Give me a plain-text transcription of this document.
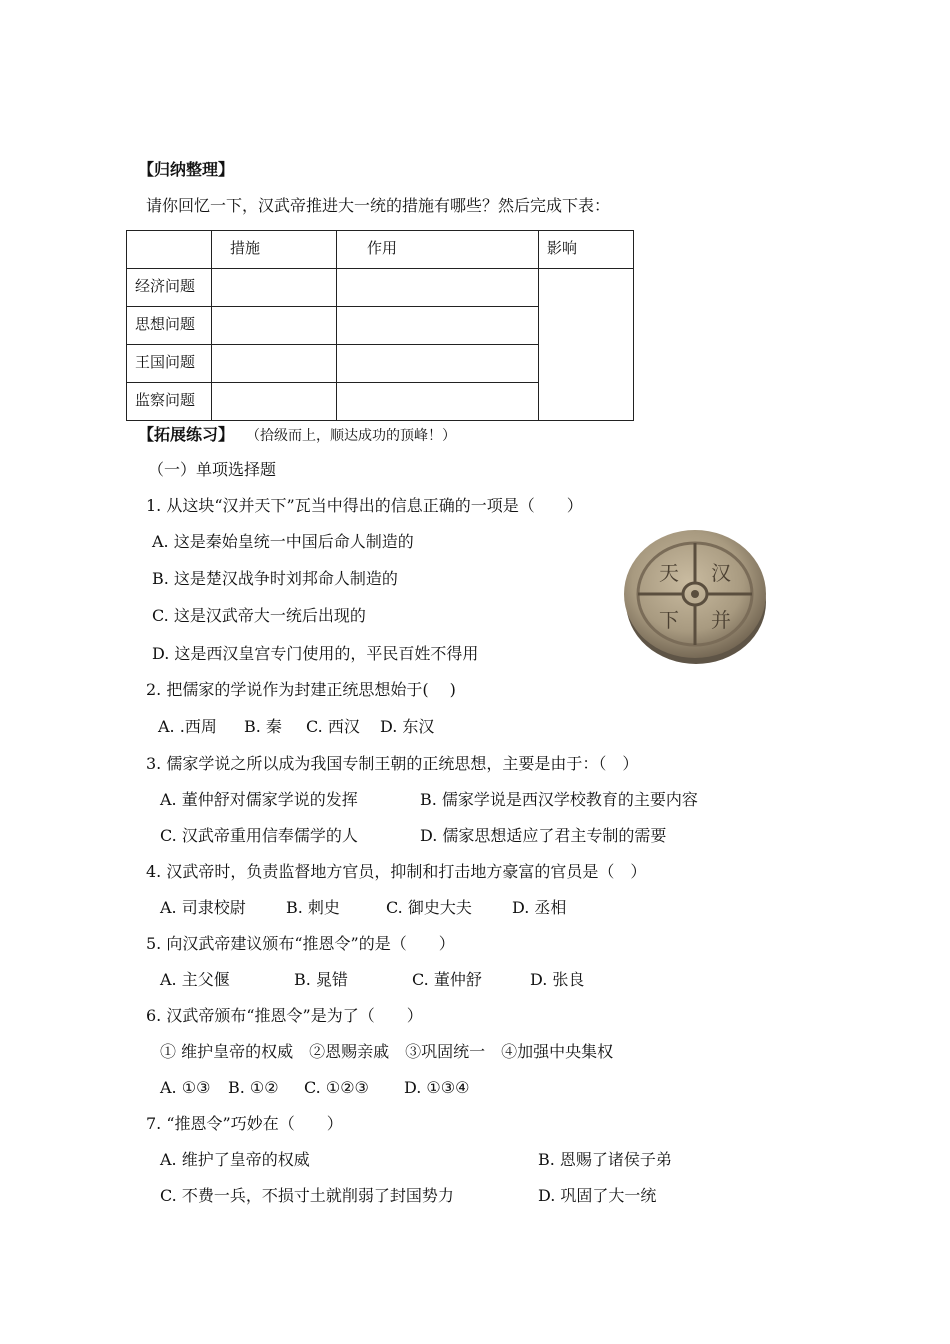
【归纳整理】
请你回忆一下，汉武帝推进大一统的措施有哪些？然后完成下表：
	措施	作用	影响
经济问题			
思想问题			
王国问题			
监察问题			
【拓展练习】 （拾级而上，顺达成功的顶峰！）
（一）单项选择题
1. 从这块“汉并天下”瓦当中得出的信息正确的一项是（　　）
A. 这是秦始皇统一中国后命人制造的
B. 这是楚汉战争时刘邦命人制造的
C. 这是汉武帝大一统后出现的
D. 这是西汉皇宫专门使用的，平民百姓不得用
汉
并
天
下
2. 把儒家的学说作为封建正统思想始于(　 )
A. .西周 B. 秦 C. 西汉 D. 东汉
3. 儒家学说之所以成为我国专制王朝的正统思想，主要是由于：（　）
A. 董仲舒对儒家学说的发挥	B. 儒家学说是西汉学校教育的主要内容
C. 汉武帝重用信奉儒学的人	D. 儒家思想适应了君主专制的需要
4. 汉武帝时，负责监督地方官员，抑制和打击地方豪富的官员是（　）
A. 司隶校尉	B. 刺史	C. 御史大夫	D. 丞相
5. 向汉武帝建议颁布“推恩令”的是（　　）
A. 主父偃	B. 晁错	C. 董仲舒	D. 张良
6. 汉武帝颁布“推恩令”是为了（　　）
① 维护皇帝的权威　②恩赐亲戚　③巩固统一　④加强中央集权
A. ①③ B. ①② C. ①②③ D. ①③④
7. “推恩令”巧妙在（　　）
A. 维护了皇帝的权威	B. 恩赐了诸侯子弟
C. 不费一兵，不损寸土就削弱了封国势力	D. 巩固了大一统
